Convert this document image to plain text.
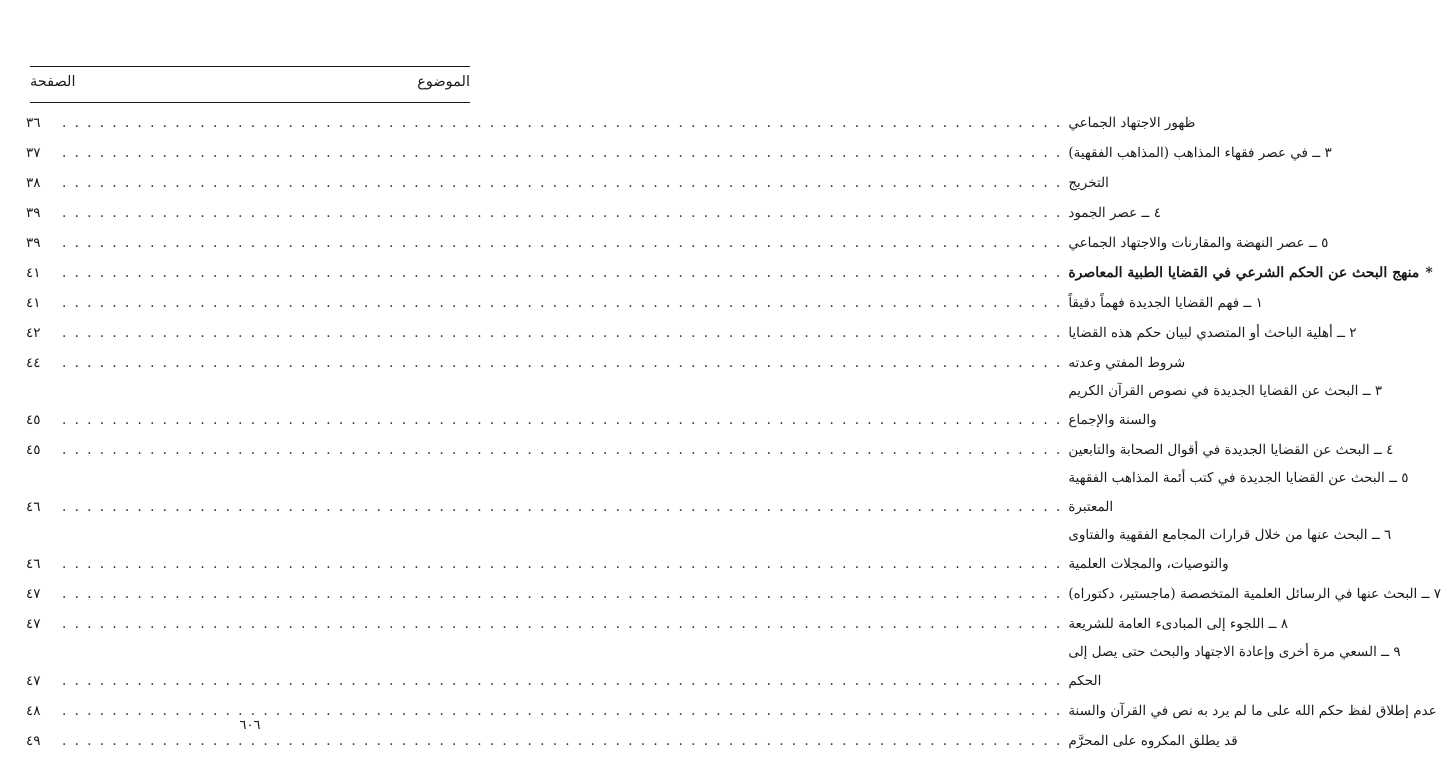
الموضوع
الصفحة
٣٦	. . . . . . . . . . . . . . . . . . . . . . . . . . . . . . . . . . . . . . . . . . . . . . . . . . . . . . . . . . . . . . . . . . . . . . . . . . . . . . . . ظهور الاجتهاد الجماعي
٣٧	. . . . . . . . . . . . . . . . . . . . . . . . . . . . . . . . . . . . . . . . . . . . . . . . . . . . . . . . . . . . . . . . . . . . . . . . . . . . . . . . ٣ ــ في عصر فقهاء المذاهب (المذاهب الفقهية)
٣٨	. . . . . . . . . . . . . . . . . . . . . . . . . . . . . . . . . . . . . . . . . . . . . . . . . . . . . . . . . . . . . . . . . . . . . . . . . . . . . . . . التخريج
٣٩	. . . . . . . . . . . . . . . . . . . . . . . . . . . . . . . . . . . . . . . . . . . . . . . . . . . . . . . . . . . . . . . . . . . . . . . . . . . . . . . . ٤ ــ عصر الجمود
٣٩	. . . . . . . . . . . . . . . . . . . . . . . . . . . . . . . . . . . . . . . . . . . . . . . . . . . . . . . . . . . . . . . . . . . . . . . . . . . . . . . . ٥ ــ عصر النهضة والمقارنات والاجتهاد الجماعي
٤١	. . . . . . . . . . . . . . . . . . . . . . . . . . . . . . . . . . . . . . . . . . . . . . . . . . . . . . . . . . . . . . . . . . . . . . . . . . . . . . . .	*منهج البحث عن الحكم الشرعي في القضايا الطبية المعاصرة
٤١	. . . . . . . . . . . . . . . . . . . . . . . . . . . . . . . . . . . . . . . . . . . . . . . . . . . . . . . . . . . . . . . . . . . . . . . . . . . . . . . . ١ ــ فهم القضايا الجديدة فهماً دقيقاً
٤٢	. . . . . . . . . . . . . . . . . . . . . . . . . . . . . . . . . . . . . . . . . . . . . . . . . . . . . . . . . . . . . . . . . . . . . . . . . . . . . . . . ٢ ــ أهلية الباحث أو المتصدي لبيان حكم هذه القضايا
٤٤	. . . . . . . . . . . . . . . . . . . . . . . . . . . . . . . . . . . . . . . . . . . . . . . . . . . . . . . . . . . . . . . . . . . . . . . . . . . . . . . . شروط المفتي وعدته
٣ ــ البحث عن القضايا الجديدة في نصوص القرآن الكريم
٤٥	. . . . . . . . . . . . . . . . . . . . . . . . . . . . . . . . . . . . . . . . . . . . . . . . . . . . . . . . . . . . . . . . . . . . . . . . . . . . . . . . والسنة والإجماع
٤٥	. . . . . . . . . . . . . . . . . . . . . . . . . . . . . . . . . . . . . . . . . . . . . . . . . . . . . . . . . . . . . . . . . . . . . . . . . . . . . . . . ٤ ــ البحث عن القضايا الجديدة في أقوال الصحابة والتابعين
٥ ــ البحث عن القضايا الجديدة في كتب أئمة المذاهب الفقهية
٤٦	. . . . . . . . . . . . . . . . . . . . . . . . . . . . . . . . . . . . . . . . . . . . . . . . . . . . . . . . . . . . . . . . . . . . . . . . . . . . . . . . المعتبرة
٦ ــ البحث عنها من خلال قرارات المجامع الفقهية والفتاوى
٤٦	. . . . . . . . . . . . . . . . . . . . . . . . . . . . . . . . . . . . . . . . . . . . . . . . . . . . . . . . . . . . . . . . . . . . . . . . . . . . . . . . والتوصيات، والمجلات العلمية
٤٧	. . . . . . . . . . . . . . . . . . . . . . . . . . . . . . . . . . . . . . . . . . . . . . . . . . . . . . . . . . . . . . . . . . . . . . . . . . . . . . . . ٧ ــ البحث عنها في الرسائل العلمية المتخصصة (ماجستير، دكتوراه)
٤٧	. . . . . . . . . . . . . . . . . . . . . . . . . . . . . . . . . . . . . . . . . . . . . . . . . . . . . . . . . . . . . . . . . . . . . . . . . . . . . . . . ٨ ــ اللجوء إلى المبادىء العامة للشريعة
٩ ــ السعي مرة أخرى وإعادة الاجتهاد والبحث حتى يصل إلى
٤٧	. . . . . . . . . . . . . . . . . . . . . . . . . . . . . . . . . . . . . . . . . . . . . . . . . . . . . . . . . . . . . . . . . . . . . . . . . . . . . . . . الحكم
٤٨	. . . . . . . . . . . . . . . . . . . . . . . . . . . . . . . . . . . . . . . . . . . . . . . . . . . . . . . . . . . . . . . . . . . . . . . . . . . . . . . . عدم إطلاق لفظ حكم الله على ما لم يرد به نص في القرآن والسنة
٤٩	. . . . . . . . . . . . . . . . . . . . . . . . . . . . . . . . . . . . . . . . . . . . . . . . . . . . . . . . . . . . . . . . . . . . . . . . . . . . . . . . قد يطلق المكروه على المحرَّم
٦٠٦
